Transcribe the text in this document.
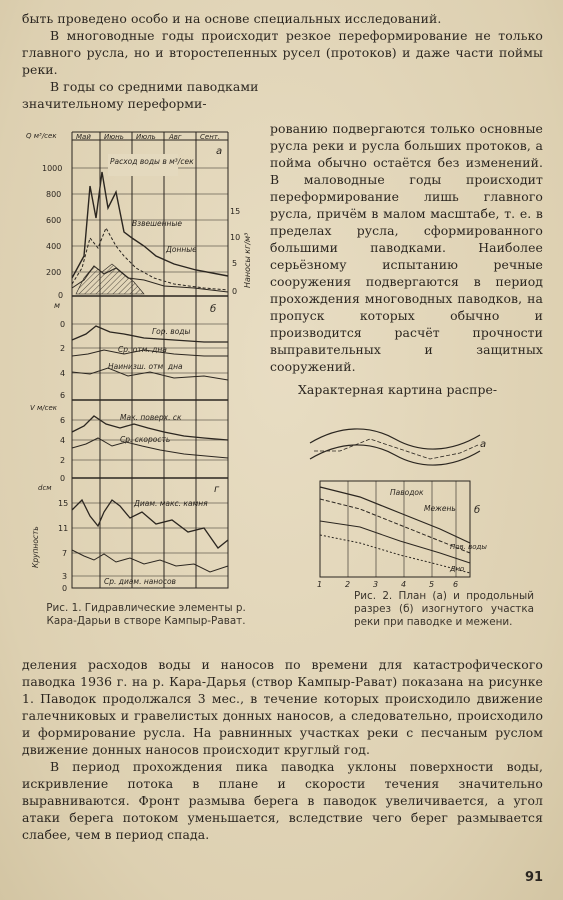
быть проведено особо и на основе специальных исследований.

В многоводные годы происходит резкое переформирование не только главного русла, но и второстепенных русел (протоков) и даже части поймы реки.

В годы со средними паводками значительному переформи-

Май Июнь Июль Авг	Сент.
Q м³/сек
1000
800
600
400
200
0
а
15
10
5
0
Наносы кг/м³
Расход воды в м³/сек
Взвешенные
Донные
м
0
2
4
6
б
Гор. воды
Ср. отм. дна
Наинизш. отм. дна
V м/сек
6
4
2
0
Мак. поверх. ск
Ср. скорость
dсм
Крупность
15
11
7
3
0
г
Диам. макс. камня
Ср. диам. наносов

Рис. 1. Гидравлические элементы р. Кара-Дарьи в створе Кампыр-Рават.

рованию подвергаются только основные русла реки и русла больших протоков, а пойма обычно остаётся без изменений. В маловодные годы происходит переформирование лишь главного русла, причём в малом масштабе, т. е. в пределах русла, сформированного большими паводками. Наиболее серьёзному испытанию речные сооружения подвергаются в период прохождения многоводных паводков, на пропуск которых обычно и производится расчёт прочности выправительных и защитных сооружений.

Характерная картина распре-

а
б
Паводок
Межень
Пов. воды
Дно
1	2	3	4	5 6

Рис. 2. План (а) и продольный разрез (б) изогнутого участка реки при паводке и межени.

деления расходов воды и наносов по времени для катастрофического паводка 1936 г. на р. Кара-Дарья (створ Кампыр-Рават) показана на рисунке 1. Паводок продолжался 3 мес., в течение которых происходило движение галечниковых и гравелистых донных наносов, а следовательно, происходило и формирование русла. На равнинных участках реки с песчаным руслом движение донных наносов происходит круглый год.

В период прохождения пика паводка уклоны поверхности воды, искривление потока в плане и скорости течения значительно выравниваются. Фронт размыва берега в паводок увеличивается, а угол атаки берега потоком уменьшается, вследствие чего берег размывается слабее, чем в период спада.

91
